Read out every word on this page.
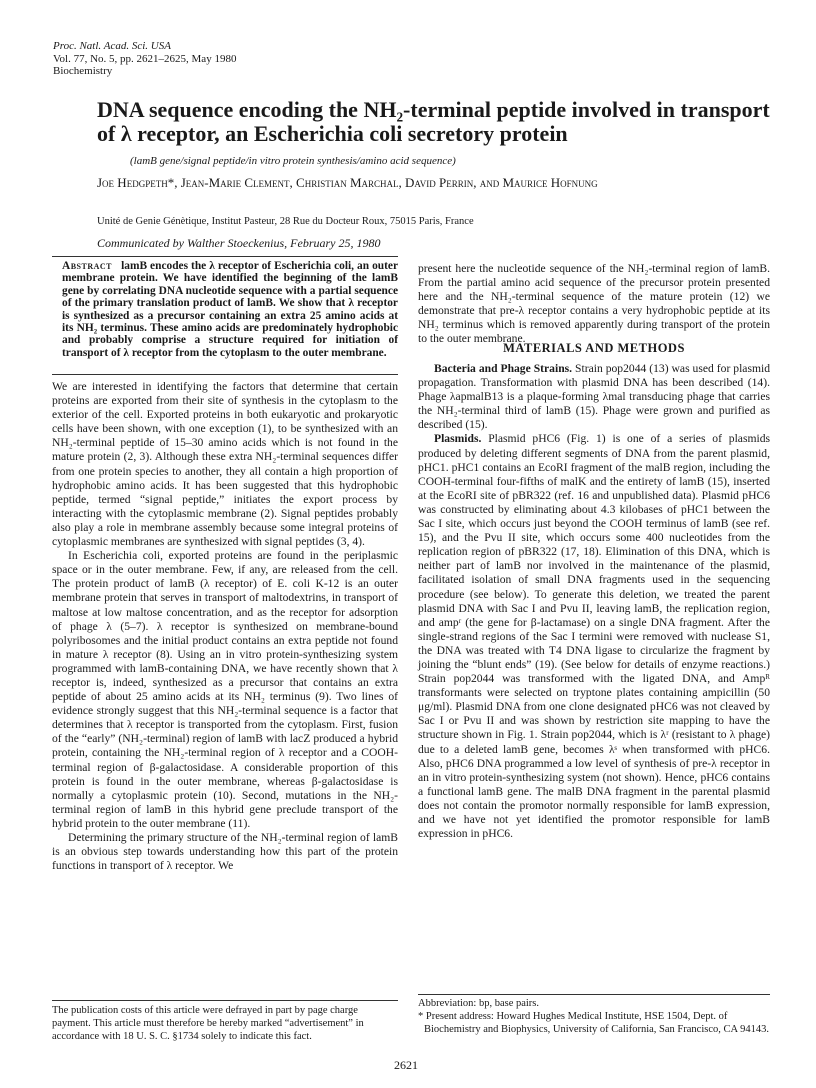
Proc. Natl. Acad. Sci. USA
Vol. 77, No. 5, pp. 2621–2625, May 1980
Biochemistry
DNA sequence encoding the NH₂-terminal peptide involved in transport of λ receptor, an Escherichia coli secretory protein
(lamB gene/signal peptide/in vitro protein synthesis/amino acid sequence)
Joe Hedgpeth*, Jean-Marie Clement, Christian Marchal, David Perrin, and Maurice Hofnung
Unité de Genie Génètique, Institut Pasteur, 28 Rue du Docteur Roux, 75015 Paris, France
Communicated by Walther Stoeckenius, February 25, 1980
Abstract lamB encodes the λ receptor of Escherichia coli, an outer membrane protein. We have identified the beginning of the lamB gene by correlating DNA nucleotide sequence with a partial sequence of the primary translation product of lamB. We show that λ receptor is synthesized as a precursor containing an extra 25 amino acids at its NH₂ terminus. These amino acids are predominately hydrophobic and probably comprise a structure required for initiation of transport of λ receptor from the cytoplasm to the outer membrane.

We are interested in identifying the factors that determine that certain proteins are exported from their site of synthesis in the cytoplasm to the exterior of the cell. Exported proteins in both eukaryotic and prokaryotic cells have been shown, with one exception (1), to be synthesized with an NH₂-terminal peptide of 15–30 amino acids which is not found in the mature protein (2, 3). Although these extra NH₂-terminal sequences differ from one protein species to another, they all contain a high proportion of hydrophobic amino acids. It has been suggested that this hydrophobic peptide, termed “signal peptide,” initiates the export process by interacting with the cytoplasmic membrane (2). Signal peptides probably also play a role in membrane assembly because some integral proteins of cytoplasmic membranes are synthesized with signal peptides (3, 4).

In Escherichia coli, exported proteins are found in the periplasmic space or in the outer membrane. Few, if any, are released from the cell. The protein product of lamB (λ receptor) of E. coli K-12 is an outer membrane protein that serves in transport of maltodextrins, in transport of maltose at low maltose concentration, and as the receptor for adsorption of phage λ (5–7). λ receptor is synthesized on membrane-bound polyribosomes and the initial product contains an extra peptide not found in mature λ receptor (8). Using an in vitro protein-synthesizing system programmed with lamB-containing DNA, we have recently shown that λ receptor is, indeed, synthesized as a precursor that contains an extra peptide of about 25 amino acids at its NH₂ terminus (9). Two lines of evidence strongly suggest that this NH₂-terminal sequence is a factor that determines that λ receptor is transported from the cytoplasm. First, fusion of the “early” (NH₂-terminal) region of lamB with lacZ produced a hybrid protein, containing the NH₂-terminal region of λ receptor and a COOH-terminal region of β-galactosidase. A considerable proportion of this protein is found in the outer membrane, whereas β-galactosidase is normally a cytoplasmic protein (10). Second, mutations in the NH₂-terminal region of lamB in this hybrid gene preclude transport of the hybrid protein to the outer membrane (11).

Determining the primary structure of the NH₂-terminal region of lamB is an obvious step towards understanding how this part of the protein functions in transport of λ receptor. We

present here the nucleotide sequence of the NH₂-terminal region of lamB. From the partial amino acid sequence of the precursor protein presented here and the NH₂-terminal sequence of the mature protein (12) we demonstrate that pre-λ receptor contains a very hydrophobic peptide at its NH₂ terminus which is removed apparently during transport of the protein to the outer membrane.
MATERIALS AND METHODS

Bacteria and Phage Strains. Strain pop2044 (13) was used for plasmid propagation. Transformation with plasmid DNA has been described (14). Phage λapmalB13 is a plaque-forming λmal transducing phage that carries the NH₂-terminal third of lamB (15). Phage were grown and purified as described (15).

Plasmids. Plasmid pHC6 (Fig. 1) is one of a series of plasmids produced by deleting different segments of DNA from the parent plasmid, pHC1. pHC1 contains an EcoRI fragment of the malB region, including the COOH-terminal four-fifths of malK and the entirety of lamB (15), inserted at the EcoRI site of pBR322 (ref. 16 and unpublished data). Plasmid pHC6 was constructed by eliminating about 4.3 kilobases of pHC1 between the Sac I site, which occurs just beyond the COOH terminus of lamB (see ref. 15), and the Pvu II site, which occurs some 400 nucleotides from the replication region of pBR322 (17, 18). Elimination of this DNA, which is neither part of lamB nor involved in the maintenance of the plasmid, facilitated isolation of small DNA fragments used in the sequencing procedure (see below). To generate this deletion, we treated the parent plasmid DNA with Sac I and Pvu II, leaving lamB, the replication region, and ampʳ (the gene for β-lactamase) on a single DNA fragment. After the single-strand regions of the Sac I termini were removed with nuclease S1, the DNA was treated with T4 DNA ligase to circularize the fragment by joining the “blunt ends” (19). (See below for details of enzyme reactions.) Strain pop2044 was transformed with the ligated DNA, and Ampᴿ transformants were selected on tryptone plates containing ampicillin (50 μg/ml). Plasmid DNA from one clone designated pHC6 was not cleaved by Sac I or Pvu II and was shown by restriction site mapping to have the structure shown in Fig. 1. Strain pop2044, which is λʳ (resistant to λ phage) due to a deleted lamB gene, becomes λˢ when transformed with pHC6. Also, pHC6 DNA programmed a low level of synthesis of pre-λ receptor in an in vitro protein-synthesizing system (not shown). Hence, pHC6 contains a functional lamB gene. The malB DNA fragment in the parental plasmid does not contain the promotor normally responsible for lamB expression, and we have not yet identified the promotor responsible for lamB expression in pHC6.

The publication costs of this article were defrayed in part by page charge payment. This article must therefore be hereby marked “advertisement” in accordance with 18 U. S. C. §1734 solely to indicate this fact.
Abbreviation: bp, base pairs.
* Present address: Howard Hughes Medical Institute, HSE 1504, Dept. of Biochemistry and Biophysics, University of California, San Francisco, CA 94143.
2621
